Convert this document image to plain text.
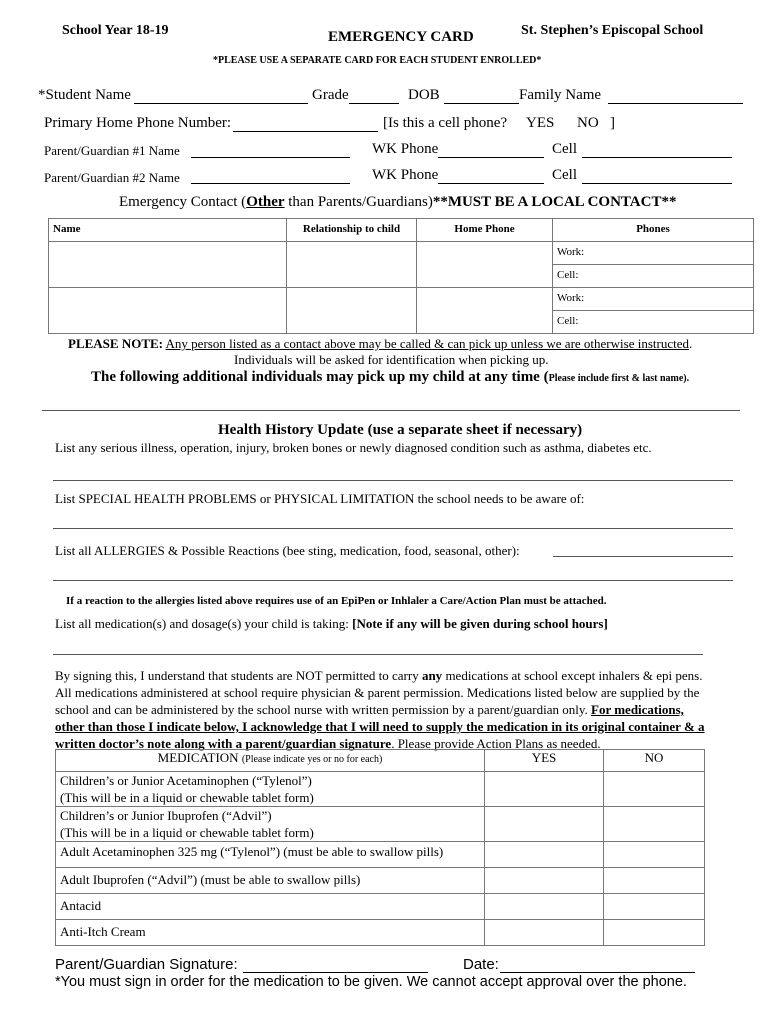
School Year 18-19	EMERGENCY CARD	St. Stephen’s Episcopal School
*PLEASE USE A SEPARATE CARD FOR EACH STUDENT ENROLLED*
*Student Name	Grade	DOB	Family Name
Primary Home Phone Number:	[Is this a cell phone? YES NO ]
Parent/Guardian #1 Name	WK Phone	Cell
Parent/Guardian #2 Name	WK Phone	Cell
Emergency Contact (Other than Parents/Guardians)**MUST BE A LOCAL CONTACT**
Name	Relationship to child	Home Phone	Phones
			Work:
			Cell:
			Work:
			Cell:
PLEASE NOTE: Any person listed as a contact above may be called & can pick up unless we are otherwise instructed.
Individuals will be asked for identification when picking up.
The following additional individuals may pick up my child at any time (Please include first & last name).
Health History Update (use a separate sheet if necessary)
List any serious illness, operation, injury, broken bones or newly diagnosed condition such as asthma, diabetes etc.
List SPECIAL HEALTH PROBLEMS or PHYSICAL LIMITATION the school needs to be aware of:
List all ALLERGIES & Possible Reactions (bee sting, medication, food, seasonal, other):
If a reaction to the allergies listed above requires use of an EpiPen or Inhlaler a Care/Action Plan must be attached.
List all medication(s) and dosage(s) your child is taking: [Note if any will be given during school hours]
By signing this, I understand that students are NOT permitted to carry any medications at school except inhalers & epi pens.
All medications administered at school require physician & parent permission. Medications listed below are supplied by the
school and can be administered by the school nurse with written permission by a parent/guardian only. For medications,
other than those I indicate below, I acknowledge that I will need to supply the medication in its original container & a
written doctor’s note along with a parent/guardian signature. Please provide Action Plans as needed.
MEDICATION (Please indicate yes or no for each)	YES	NO

Children’s or Junior Acetaminophen (“Tylenol”)
(This will be in a liquid or chewable tablet form)		

Children’s or Junior Ibuprofen (“Advil”)
(This will be in a liquid or chewable tablet form)		

Adult Acetaminophen 325 mg (“Tylenol”) (must be able to swallow pills)		
Adult Ibuprofen (“Advil”) (must be able to swallow pills)		
Antacid		
Anti-Itch Cream		
Parent/Guardian Signature:	Date:
*You must sign in order for the medication to be given. We cannot accept approval over the phone.
